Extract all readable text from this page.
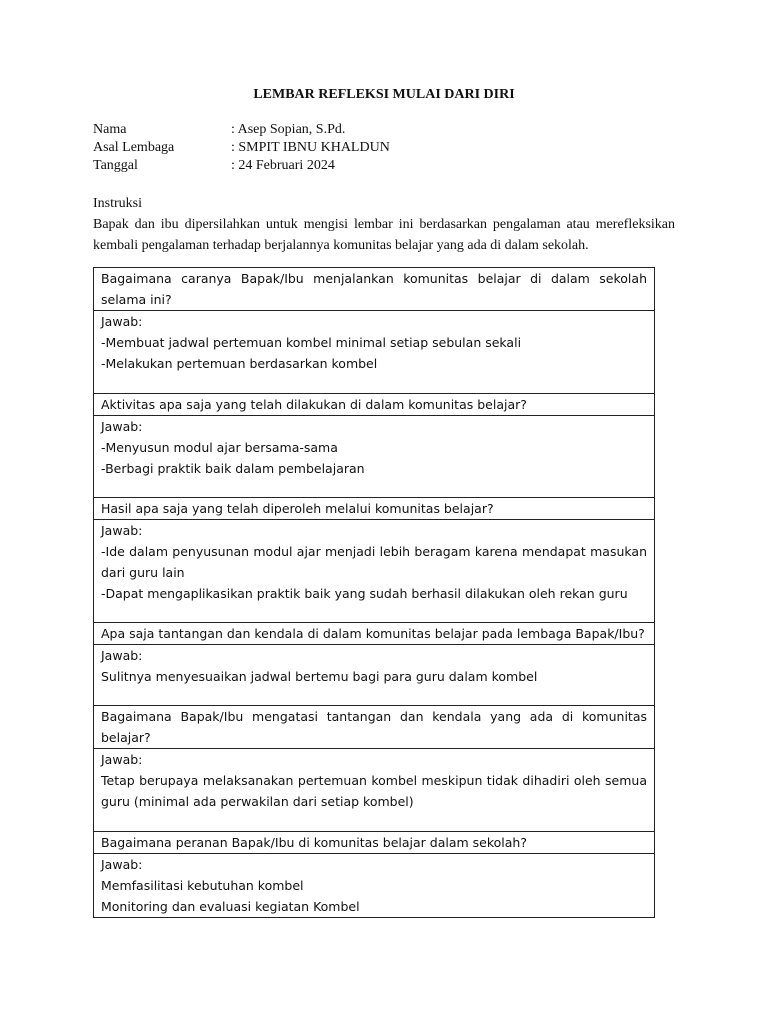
LEMBAR REFLEKSI MULAI DARI DIRI
Nama	: Asep Sopian, S.Pd.
Asal Lembaga	: SMPIT IBNU KHALDUN
Tanggal	: 24 Februari 2024
Instruksi
Bapak dan ibu dipersilahkan untuk mengisi lembar ini berdasarkan pengalaman atau merefleksikan kembali pengalaman terhadap berjalannya komunitas belajar yang ada di dalam sekolah.
Bagaimana caranya Bapak/Ibu menjalankan komunitas belajar di dalam sekolah selama ini?

Jawab:
-Membuat jadwal pertemuan kombel minimal setiap sebulan sekali
-Melakukan pertemuan berdasarkan kombel

Aktivitas apa saja yang telah dilakukan di dalam komunitas belajar?

Jawab:
-Menyusun modul ajar bersama-sama
-Berbagi praktik baik dalam pembelajaran

Hasil apa saja yang telah diperoleh melalui komunitas belajar?

Jawab:
-Ide dalam penyusunan modul ajar menjadi lebih beragam karena mendapat masukan dari guru lain
-Dapat mengaplikasikan praktik baik yang sudah berhasil dilakukan oleh rekan guru

Apa saja tantangan dan kendala di dalam komunitas belajar pada lembaga Bapak/Ibu?

Jawab:
Sulitnya menyesuaikan jadwal bertemu bagi para guru dalam kombel

Bagaimana Bapak/Ibu mengatasi tantangan dan kendala yang ada di komunitas belajar?

Jawab:
Tetap berupaya melaksanakan pertemuan kombel meskipun tidak dihadiri oleh semua guru (minimal ada perwakilan dari setiap kombel)

Bagaimana peranan Bapak/Ibu di komunitas belajar dalam sekolah?

Jawab:
Memfasilitasi kebutuhan kombel
Monitoring dan evaluasi kegiatan Kombel
